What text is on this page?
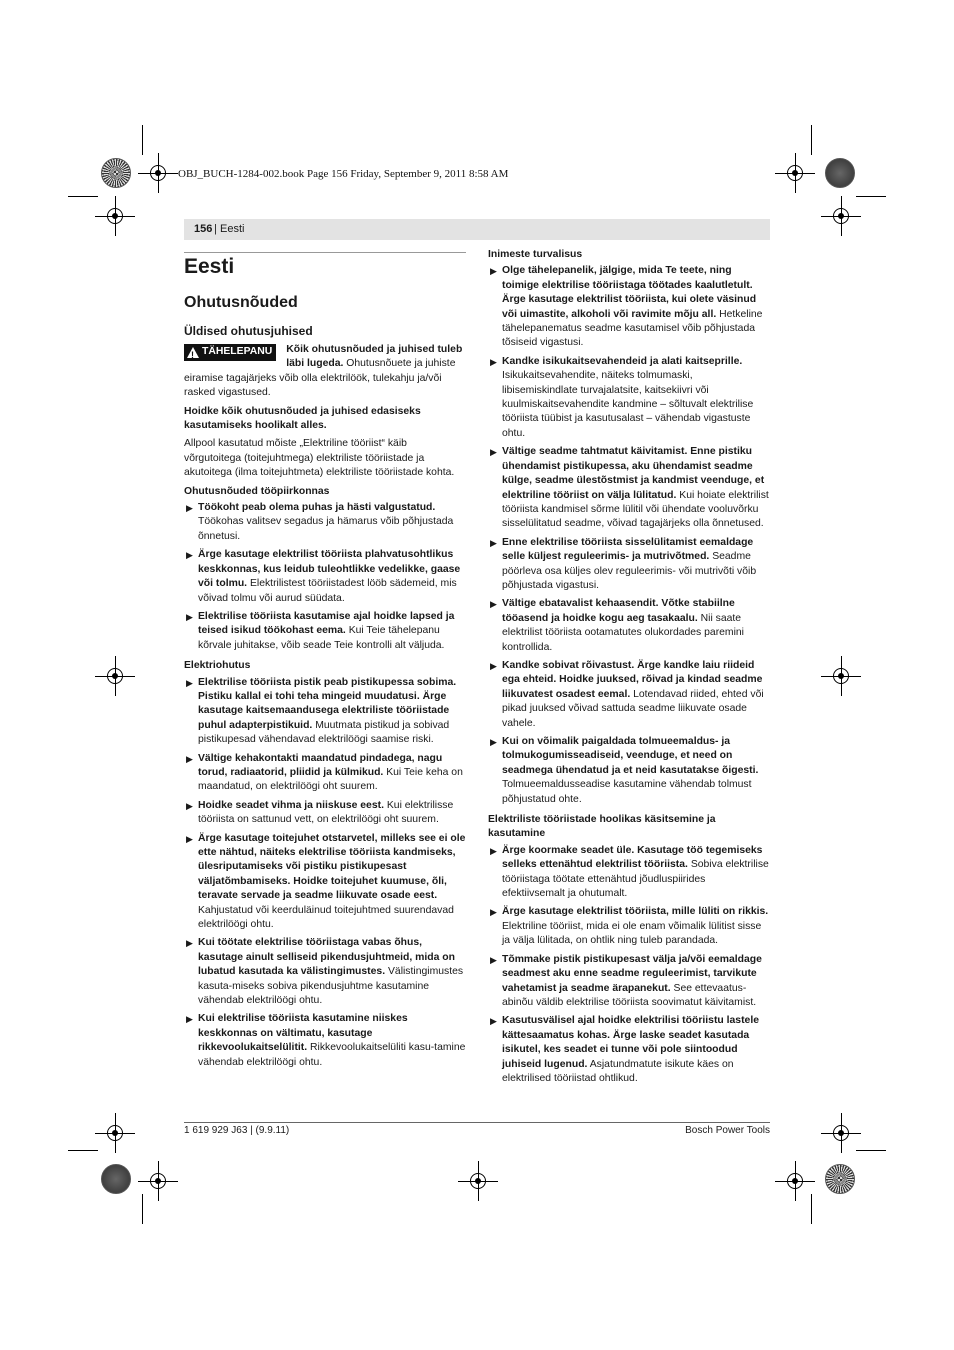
OBJ_BUCH-1284-002.book Page 156 Friday, September 9, 2011 8:58 AM
156 | Eesti
Eesti
Ohutusnõuded
Üldised ohutusjuhised
! TÄHELEPANU Kõik ohutusnõuded ja juhised tuleb läbi lugeda. Ohutusnõuete ja juhiste eiramise tagajärjeks võib olla elektrilöök, tulekahju ja/või rasked vigastused.

Hoidke kõik ohutusnõuded ja juhised edasiseks kasutamiseks hoolikalt alles.

Allpool kasutatud mõiste „Elektriline tööriist“ käib võrgutoitega (toitejuhtmega) elektriliste tööriistade ja akutoitega (ilma toitejuhtmeta) elektriliste tööriistade kohta.

Ohutusnõuded tööpiirkonnas
▶ Töökoht peab olema puhas ja hästi valgustatud. Töökohas valitsev segadus ja hämarus võib põhjustada õnnetusi.
▶ Ärge kasutage elektrilist tööriista plahvatusohtlikus keskkonnas, kus leidub tuleohtlikke vedelikke, gaase või tolmu. Elektrilistest tööriistadest lööb sädemeid, mis võivad tolmu või aurud süüdata.
▶ Elektrilise tööriista kasutamise ajal hoidke lapsed ja teised isikud töökohast eema. Kui Teie tähelepanu kõrvale juhitakse, võib seade Teie kontrolli alt väljuda.
Elektriohutus
▶ Elektrilise tööriista pistik peab pistikupessa sobima. Pistiku kallal ei tohi teha mingeid muudatusi. Ärge kasutage kaitsemaandusega elektriliste tööriistade puhul adapterpistikuid. Muutmata pistikud ja sobivad pistikupesad vähendavad elektrilöögi saamise riski.
▶ Vältige kehakontakti maandatud pindadega, nagu torud, radiaatorid, pliidid ja külmikud. Kui Teie keha on maandatud, on elektrilöögi oht suurem.
▶ Hoidke seadet vihma ja niiskuse eest. Kui elektrilisse tööriista on sattunud vett, on elektrilöögi oht suurem.
▶ Ärge kasutage toitejuhet otstarvetel, milleks see ei ole ette nähtud, näiteks elektrilise tööriista kandmiseks, ülesriputamiseks või pistiku pistikupesast väljatõmbamiseks. Hoidke toitejuhet kuumuse, õli, teravate servade ja seadme liikuvate osade eest. Kahjustatud või keerduläinud toitejuhtmed suurendavad elektrilöögi ohtu.
▶ Kui töötate elektrilise tööriistaga vabas õhus, kasutage ainult selliseid pikendusjuhtmeid, mida on lubatud kasutada ka välistingimustes. Välistingimustes kasuta-miseks sobiva pikendusjuhtme kasutamine vähendab elektrilöögi ohtu.
▶ Kui elektrilise tööriista kasutamine niiskes keskkonnas on vältimatu, kasutage rikkevoolukaitselülitit. Rikkevoolukaitselüliti kasu-tamine vähendab elektrilöögi ohtu.
Inimeste turvalisus
▶ Olge tähelepanelik, jälgige, mida Te teete, ning toimige elektrilise tööriistaga töötades kaalutletult. Ärge kasutage elektrilist tööriista, kui olete väsinud või uimastite, alkoholi või ravimite mõju all. Hetkeline tähelepanematus seadme kasutamisel võib põhjustada tõsiseid vigastusi.
▶ Kandke isikukaitsevahendeid ja alati kaitseprille. Isikukaitsevahendite, näiteks tolmumaski, libisemiskindlate turvajalatsite, kaitsekiivri või kuulmiskaitsevahendite kandmine – sõltuvalt elektrilise tööriista tüübist ja kasutusalast – vähendab vigastuste ohtu.
▶ Vältige seadme tahtmatut käivitamist. Enne pistiku ühendamist pistikupessa, aku ühendamist seadme külge, seadme ülestõstmist ja kandmist veenduge, et elektriline tööriist on välja lülitatud. Kui hoiate elektrilist tööriista kandmisel sõrme lülitil või ühendate vooluvõrku sisselülitatud seadme, võivad tagajärjeks olla õnnetused.
▶ Enne elektrilise tööriista sisselülitamist eemaldage selle küljest reguleerimis- ja mutrivõtmed. Seadme pöörleva osa küljes olev reguleerimis- või mutrivõti võib põhjustada vigastusi.
▶ Vältige ebatavalist kehaasendit. Võtke stabiilne tööasend ja hoidke kogu aeg tasakaalu. Nii saate elektrilist tööriista ootamatutes olukordades paremini kontrollida.
▶ Kandke sobivat rõivastust. Ärge kandke laiu riideid ega ehteid. Hoidke juuksed, rõivad ja kindad seadme liikuvatest osadest eemal. Lotendavad riided, ehted või pikad juuksed võivad sattuda seadme liikuvate osade vahele.
▶ Kui on võimalik paigaldada tolmueemaldus- ja tolmukogumisseadiseid, veenduge, et need on seadmega ühendatud ja et neid kasutatakse õigesti. Tolmueemaldusseadise kasutamine vähendab tolmust põhjustatud ohte.
Elektriliste tööriistade hoolikas käsitsemine ja kasutamine
▶ Ärge koormake seadet üle. Kasutage töö tegemiseks selleks ettenähtud elektrilist tööriista. Sobiva elektrilise tööriistaga töötate ettenähtud jõudluspiirides efektiivsemalt ja ohutumalt.
▶ Ärge kasutage elektrilist tööriista, mille lüliti on rikkis. Elektriline tööriist, mida ei ole enam võimalik lülitist sisse ja välja lülitada, on ohtlik ning tuleb parandada.
▶ Tõmmake pistik pistikupesast välja ja/või eemaldage seadmest aku enne seadme reguleerimist, tarvikute vahetamist ja seadme ärapanekut. See ettevaatus-abinõu väldib elektrilise tööriista soovimatut käivitamist.
▶ Kasutusvälisel ajal hoidke elektrilisi tööriistu lastele kättesaamatus kohas. Ärge laske seadet kasutada isikutel, kes seadet ei tunne või pole siintoodud juhiseid lugenud. Asjatundmatute isikute käes on elektrilised tööriistad ohtlikud.
1 619 929 J63 | (9.9.11)	Bosch Power Tools
